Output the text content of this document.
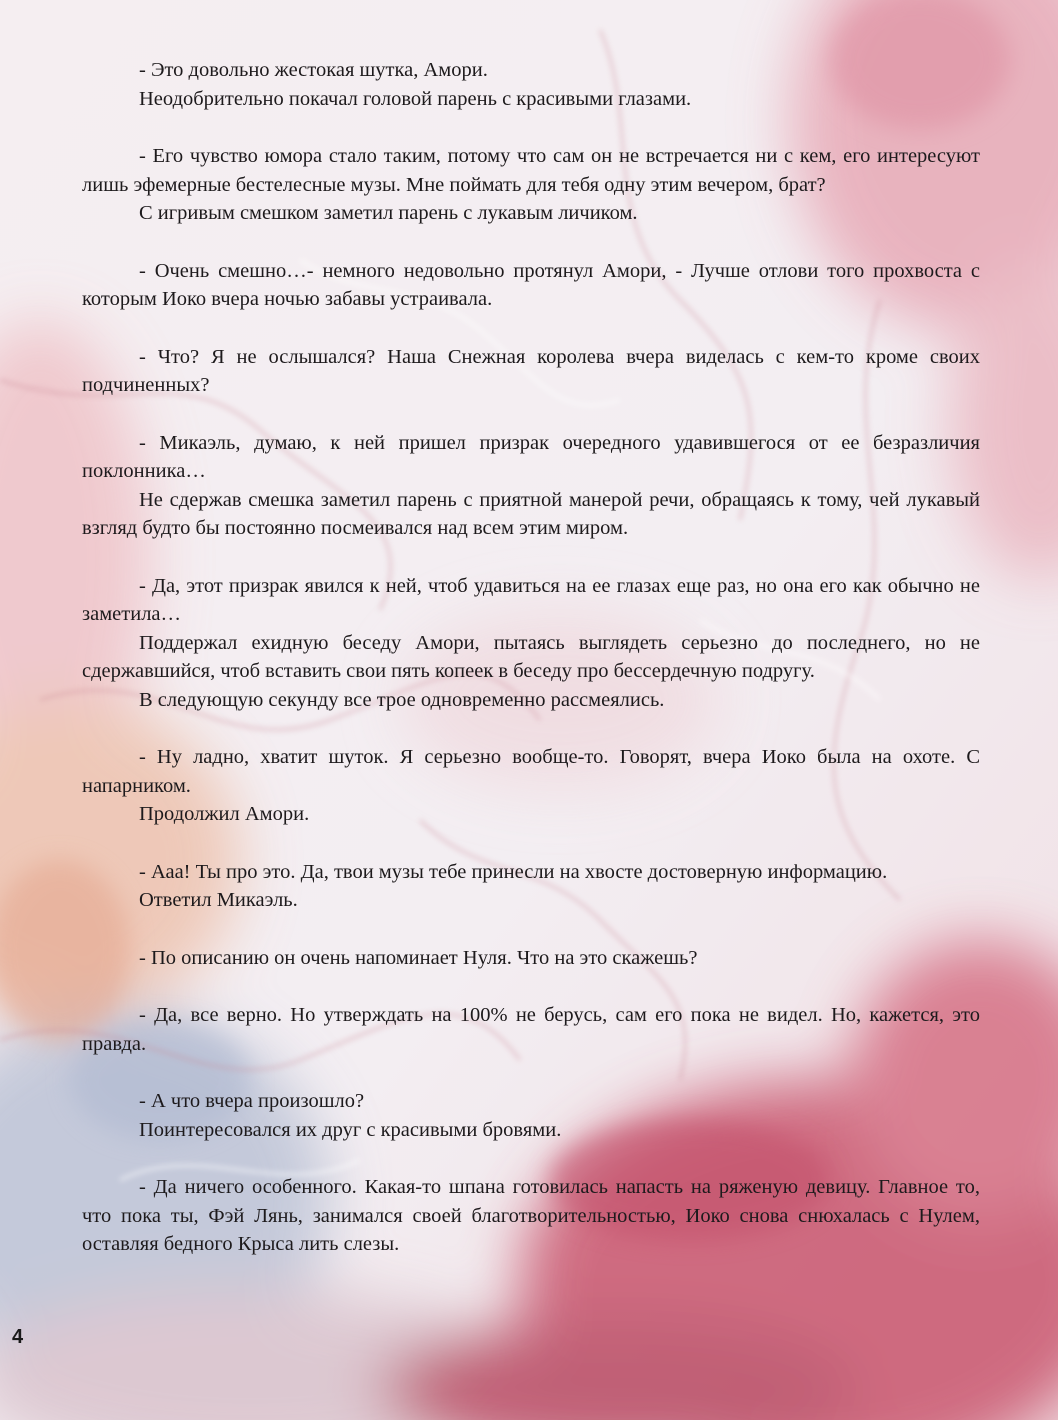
- Это довольно жестокая шутка, Амори.

Неодобрительно покачал головой парень с красивыми глазами.

- Его чувство юмора стало таким, потому что сам он не встречается ни с кем, его интересуют лишь эфемерные бестелесные музы. Мне поймать для тебя одну этим вечером, брат?

С игривым смешком заметил парень с лукавым личиком.

- Очень смешно…- немного недовольно протянул Амори, - Лучше отлови того прохвоста с которым Иоко вчера ночью забавы устраивала.

- Что? Я не ослышался? Наша Снежная королева вчера виделась с кем-то кроме своих подчиненных?

- Микаэль, думаю, к ней пришел призрак очередного удавившегося от ее безразличия поклонника…

Не сдержав смешка заметил парень с приятной манерой речи, обращаясь к тому, чей лукавый взгляд будто бы постоянно посмеивался над всем этим миром.

- Да, этот призрак явился к ней, чтоб удавиться на ее глазах еще раз, но она его как обычно не заметила…

Поддержал ехидную беседу Амори, пытаясь выглядеть серьезно до последнего, но не сдержавшийся, чтоб вставить свои пять копеек в беседу про бессердечную подругу.

В следующую секунду все трое одновременно рассмеялись.

- Ну ладно, хватит шуток. Я серьезно вообще-то. Говорят, вчера Иоко была на охоте. С напарником.

Продолжил Амори.

- Ааа! Ты про это. Да, твои музы тебе принесли на хвосте достоверную информацию.

Ответил Микаэль.

- По описанию он очень напоминает Нуля. Что на это скажешь?

- Да, все верно. Но утверждать на 100% не берусь, сам его пока не видел. Но, кажется, это правда.

- А что вчера произошло?

Поинтересовался их друг с красивыми бровями.

- Да ничего особенного. Какая-то шпана готовилась напасть на ряженую девицу. Главное то, что пока ты, Фэй Лянь, занимался своей благотворительностью, Иоко снова снюхалась с Нулем, оставляя бедного Крыса лить слезы.

4
